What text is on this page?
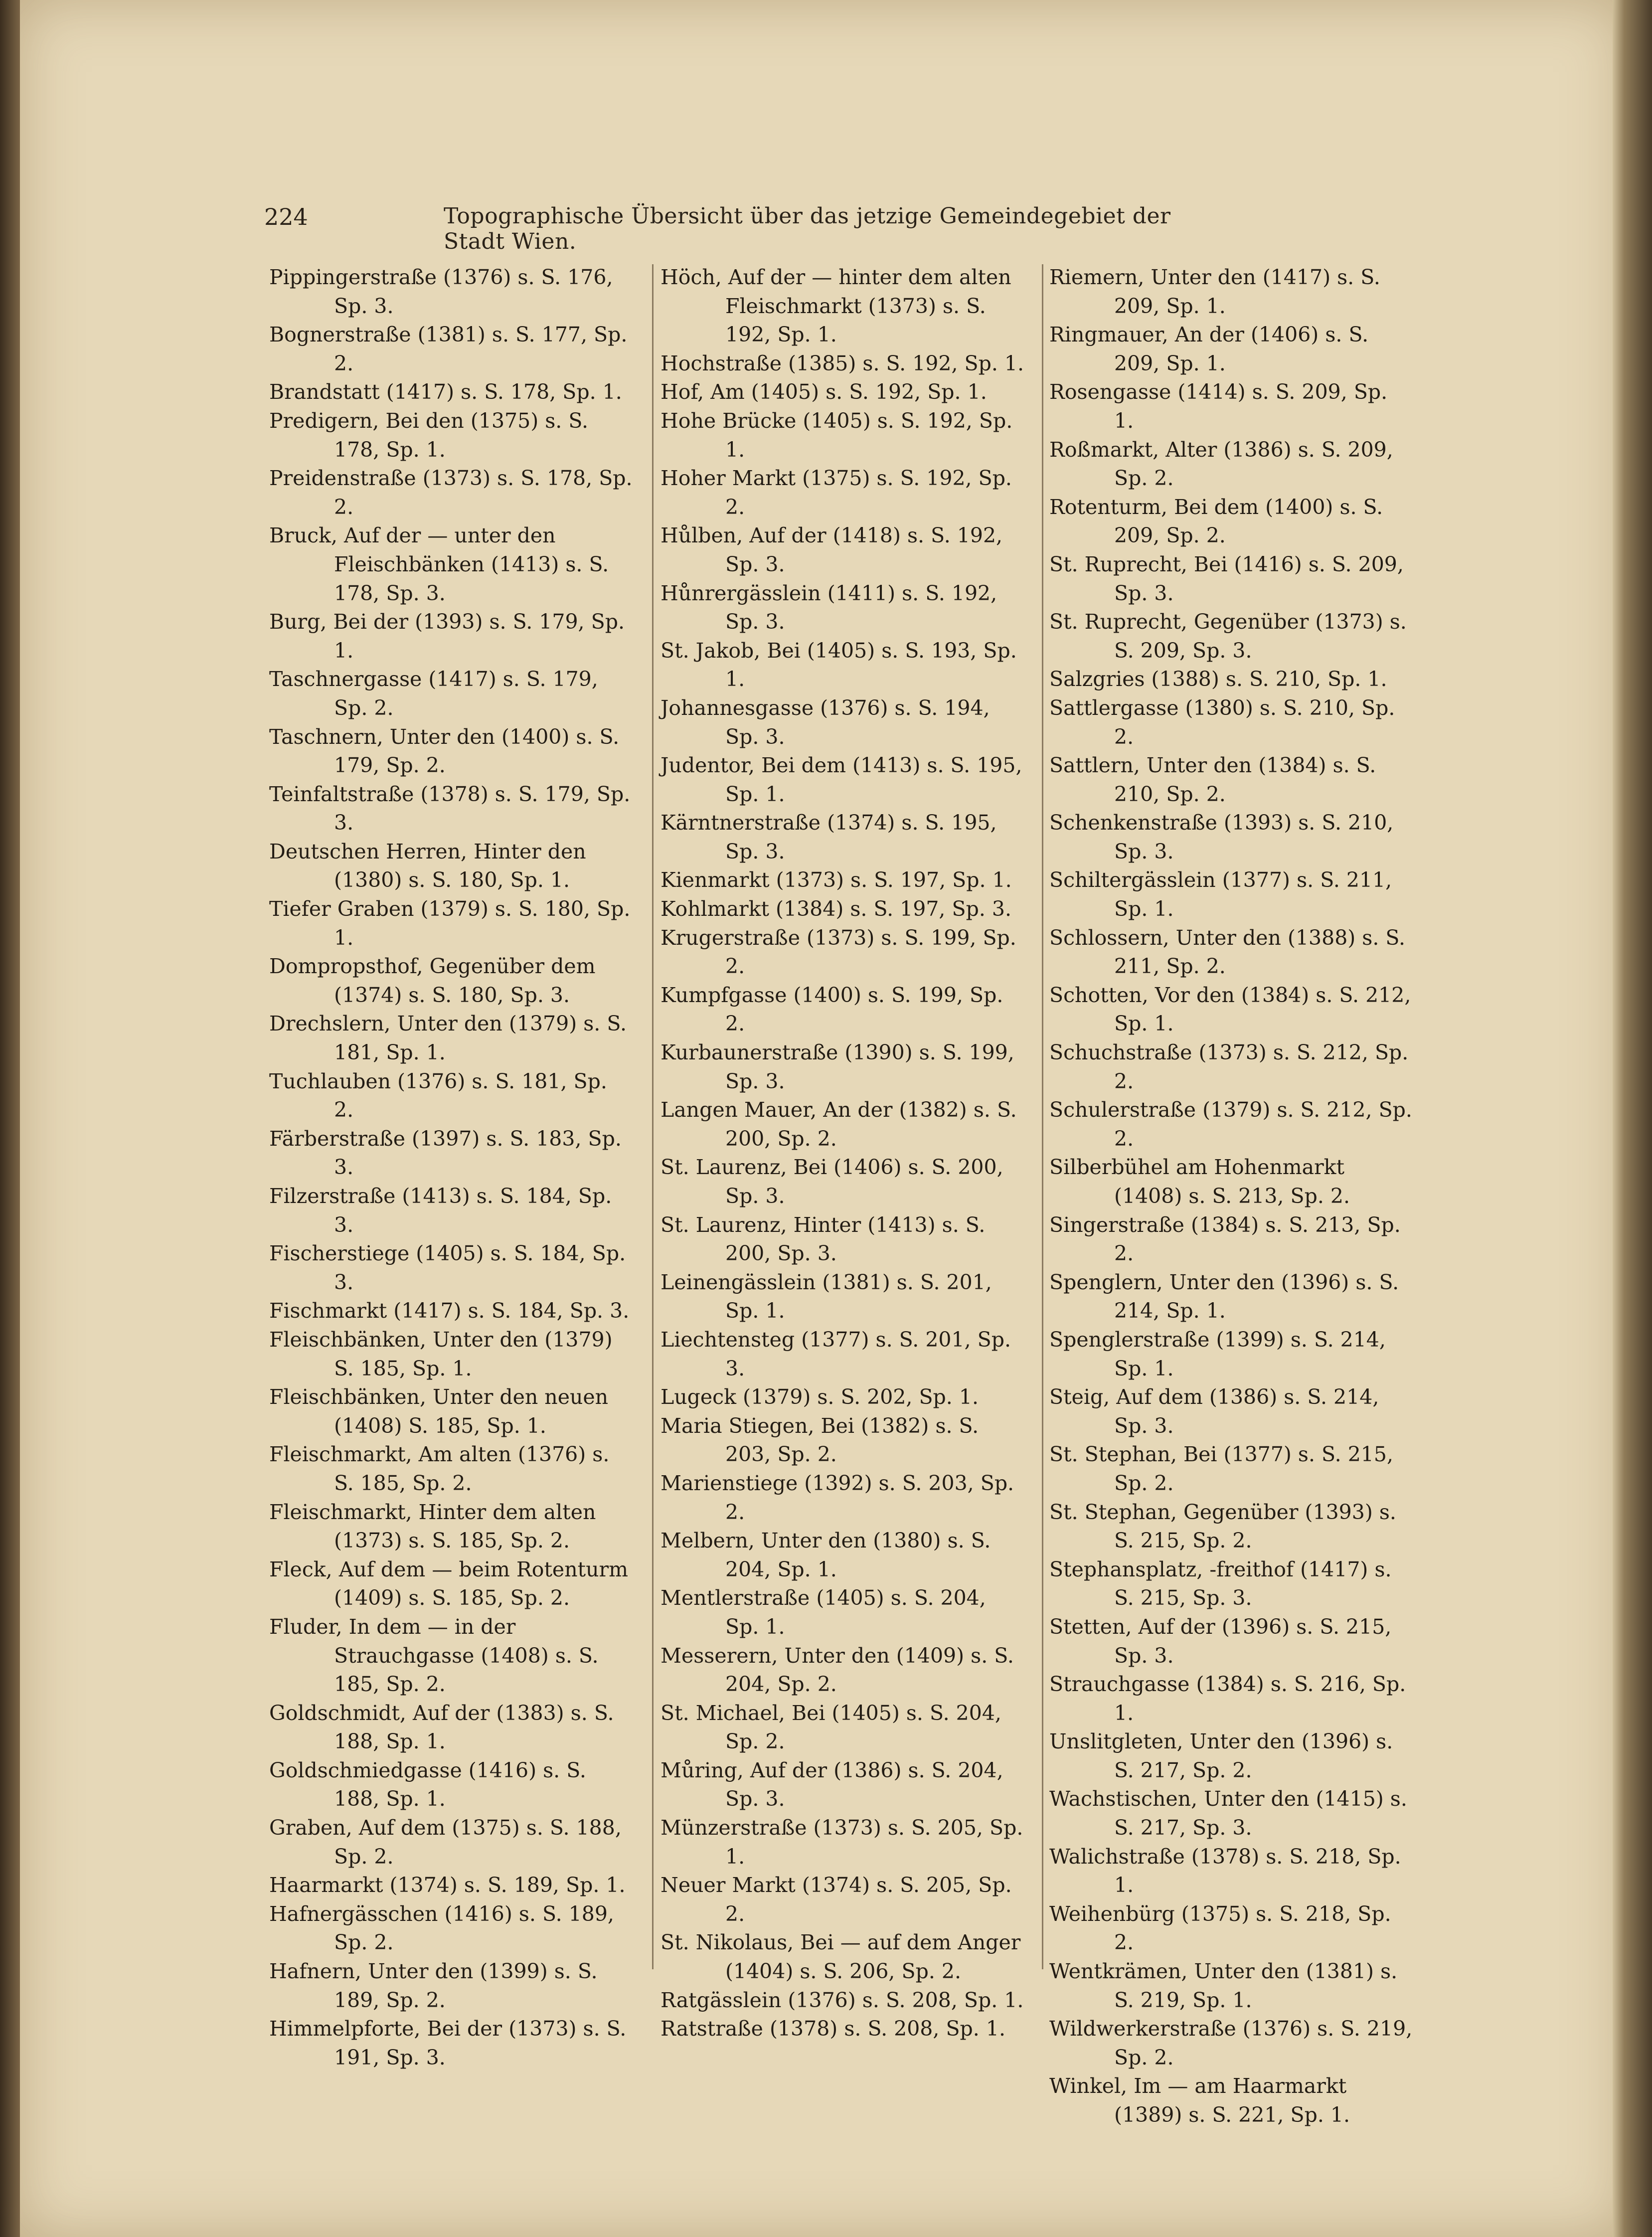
224	Topographische Übersicht über das jetzige Gemeindegebiet der Stadt Wien.
Pippingerstraße (1376) s. S. 176, Sp. 3.
Bognerstraße (1381) s. S. 177, Sp. 2.
Brandstatt (1417) s. S. 178, Sp. 1.
Predigern, Bei den (1375) s. S. 178, Sp. 1.
Preidenstraße (1373) s. S. 178, Sp. 2.
Bruck, Auf der — unter den Fleischbänken (1413) s. S. 178, Sp. 3.
Burg, Bei der (1393) s. S. 179, Sp. 1.
Taschnergasse (1417) s. S. 179, Sp. 2.
Taschnern, Unter den (1400) s. S. 179, Sp. 2.
Teinfaltstraße (1378) s. S. 179, Sp. 3.
Deutschen Herren, Hinter den (1380) s. S. 180, Sp. 1.
Tiefer Graben (1379) s. S. 180, Sp. 1.
Dompropsthof, Gegenüber dem (1374) s. S. 180, Sp. 3.
Drechslern, Unter den (1379) s. S. 181, Sp. 1.
Tuchlauben (1376) s. S. 181, Sp. 2.
Färberstraße (1397) s. S. 183, Sp. 3.
Filzerstraße (1413) s. S. 184, Sp. 3.
Fischerstiege (1405) s. S. 184, Sp. 3.
Fischmarkt (1417) s. S. 184, Sp. 3.
Fleischbänken, Unter den (1379) S. 185, Sp. 1.
Fleischbänken, Unter den neuen (1408) S. 185, Sp. 1.
Fleischmarkt, Am alten (1376) s. S. 185, Sp. 2.
Fleischmarkt, Hinter dem alten (1373) s. S. 185, Sp. 2.
Fleck, Auf dem — beim Rotenturm (1409) s. S. 185, Sp. 2.
Fluder, In dem — in der Strauchgasse (1408) s. S. 185, Sp. 2.
Goldschmidt, Auf der (1383) s. S. 188, Sp. 1.
Goldschmiedgasse (1416) s. S. 188, Sp. 1.
Graben, Auf dem (1375) s. S. 188, Sp. 2.
Haarmarkt (1374) s. S. 189, Sp. 1.
Hafnergässchen (1416) s. S. 189, Sp. 2.
Hafnern, Unter den (1399) s. S. 189, Sp. 2.
Himmelpforte, Bei der (1373) s. S. 191, Sp. 3.
Höch, Auf der — hinter dem alten Fleischmarkt (1373) s. S. 192, Sp. 1.
Hochstraße (1385) s. S. 192, Sp. 1.
Hof, Am (1405) s. S. 192, Sp. 1.
Hohe Brücke (1405) s. S. 192, Sp. 1.
Hoher Markt (1375) s. S. 192, Sp. 2.
Hůlben, Auf der (1418) s. S. 192, Sp. 3.
Hůnrergässlein (1411) s. S. 192, Sp. 3.
St. Jakob, Bei (1405) s. S. 193, Sp. 1.
Johannesgasse (1376) s. S. 194, Sp. 3.
Judentor, Bei dem (1413) s. S. 195, Sp. 1.
Kärntnerstraße (1374) s. S. 195, Sp. 3.
Kienmarkt (1373) s. S. 197, Sp. 1.
Kohlmarkt (1384) s. S. 197, Sp. 3.
Krugerstraße (1373) s. S. 199, Sp. 2.
Kumpfgasse (1400) s. S. 199, Sp. 2.
Kurbaunerstraße (1390) s. S. 199, Sp. 3.
Langen Mauer, An der (1382) s. S. 200, Sp. 2.
St. Laurenz, Bei (1406) s. S. 200, Sp. 3.
St. Laurenz, Hinter (1413) s. S. 200, Sp. 3.
Leinengässlein (1381) s. S. 201, Sp. 1.
Liechtensteg (1377) s. S. 201, Sp. 3.
Lugeck (1379) s. S. 202, Sp. 1.
Maria Stiegen, Bei (1382) s. S. 203, Sp. 2.
Marienstiege (1392) s. S. 203, Sp. 2.
Melbern, Unter den (1380) s. S. 204, Sp. 1.
Mentlerstraße (1405) s. S. 204, Sp. 1.
Messerern, Unter den (1409) s. S. 204, Sp. 2.
St. Michael, Bei (1405) s. S. 204, Sp. 2.
Můring, Auf der (1386) s. S. 204, Sp. 3.
Münzerstraße (1373) s. S. 205, Sp. 1.
Neuer Markt (1374) s. S. 205, Sp. 2.
St. Nikolaus, Bei — auf dem Anger (1404) s. S. 206, Sp. 2.
Ratgässlein (1376) s. S. 208, Sp. 1.
Ratstraße (1378) s. S. 208, Sp. 1.
Riemern, Unter den (1417) s. S. 209, Sp. 1.
Ringmauer, An der (1406) s. S. 209, Sp. 1.
Rosengasse (1414) s. S. 209, Sp. 1.
Roßmarkt, Alter (1386) s. S. 209, Sp. 2.
Rotenturm, Bei dem (1400) s. S. 209, Sp. 2.
St. Ruprecht, Bei (1416) s. S. 209, Sp. 3.
St. Ruprecht, Gegenüber (1373) s. S. 209, Sp. 3.
Salzgries (1388) s. S. 210, Sp. 1.
Sattlergasse (1380) s. S. 210, Sp. 2.
Sattlern, Unter den (1384) s. S. 210, Sp. 2.
Schenkenstraße (1393) s. S. 210, Sp. 3.
Schiltergässlein (1377) s. S. 211, Sp. 1.
Schlossern, Unter den (1388) s. S. 211, Sp. 2.
Schotten, Vor den (1384) s. S. 212, Sp. 1.
Schuchstraße (1373) s. S. 212, Sp. 2.
Schulerstraße (1379) s. S. 212, Sp. 2.
Silberbühel am Hohenmarkt (1408) s. S. 213, Sp. 2.
Singerstraße (1384) s. S. 213, Sp. 2.
Spenglern, Unter den (1396) s. S. 214, Sp. 1.
Spenglerstraße (1399) s. S. 214, Sp. 1.
Steig, Auf dem (1386) s. S. 214, Sp. 3.
St. Stephan, Bei (1377) s. S. 215, Sp. 2.
St. Stephan, Gegenüber (1393) s. S. 215, Sp. 2.
Stephansplatz, -freithof (1417) s. S. 215, Sp. 3.
Stetten, Auf der (1396) s. S. 215, Sp. 3.
Strauchgasse (1384) s. S. 216, Sp. 1.
Unslitgleten, Unter den (1396) s. S. 217, Sp. 2.
Wachstischen, Unter den (1415) s. S. 217, Sp. 3.
Walichstraße (1378) s. S. 218, Sp. 1.
Weihenbürg (1375) s. S. 218, Sp. 2.
Wentkrämen, Unter den (1381) s. S. 219, Sp. 1.
Wildwerkerstraße (1376) s. S. 219, Sp. 2.
Winkel, Im — am Haarmarkt (1389) s. S. 221, Sp. 1.
